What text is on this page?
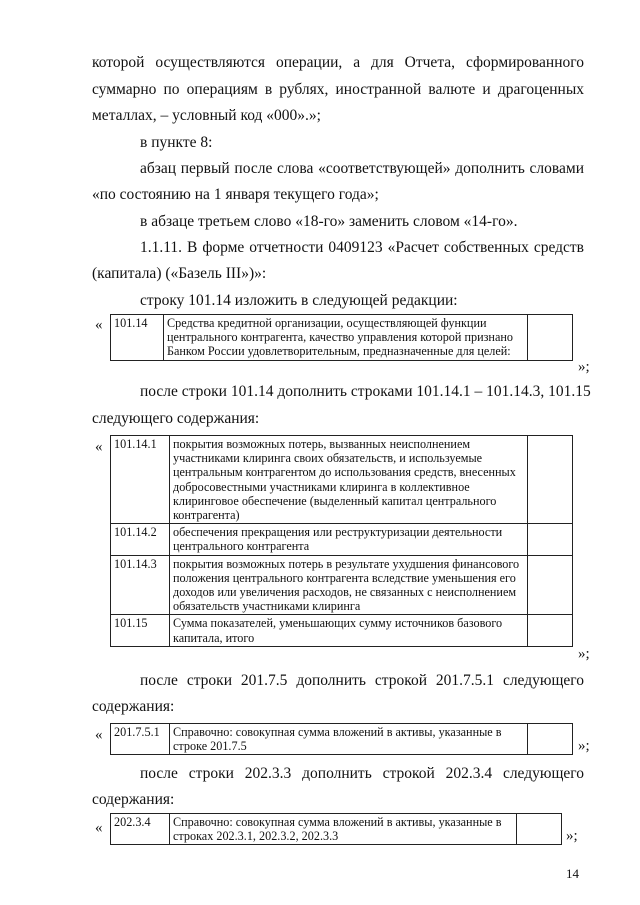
которой осуществляются операции, а для Отчета, сформированного
суммарно по операциям в рублях, иностранной валюте и драгоценных
металлах, – условный код «000».»;
в пункте 8:
абзац первый после слова «соответствующей» дополнить словами
«по состоянию на 1 января текущего года»;
в абзаце третьем слово «18-го» заменить словом «14-го».
1.1.11. В форме отчетности 0409123 «Расчет собственных средств
(капитала) («Базель III»)»:
строку 101.14 изложить в следующей редакции:
« 101.14	Средства кредитной организации, осуществляющей функции центрального контрагента, качество управления которой признано Банком России удовлетворительным, предназначенные для целей:	
»;
после строки 101.14 дополнить строками 101.14.1 – 101.14.3, 101.15
следующего содержания:
« 101.14.1	покрытия возможных потерь, вызванных неисполнением участниками клиринга своих обязательств, и используемые центральным контрагентом до использования средств, внесенных добросовестными участниками клиринга в коллективное клиринговое обеспечение (выделенный капитал центрального контрагента)	
101.14.2	обеспечения прекращения или реструктуризации деятельности центрального контрагента	
101.14.3	покрытия возможных потерь в результате ухудшения финансового положения центрального контрагента вследствие уменьшения его доходов или увеличения расходов, не связанных с неисполнением обязательств участниками клиринга	
101.15	Сумма показателей, уменьшающих сумму источников базового капитала, итого	
»;
после строки 201.7.5 дополнить строкой 201.7.5.1 следующего
содержания:
« 201.7.5.1	Справочно: совокупная сумма вложений в активы, указанные в строке 201.7.5		»;
после строки 202.3.3 дополнить строкой 202.3.4 следующего
содержания:
« 202.3.4	Справочно: совокупная сумма вложений в активы, указанные в строках 202.3.1, 202.3.2, 202.3.3		»;
14
